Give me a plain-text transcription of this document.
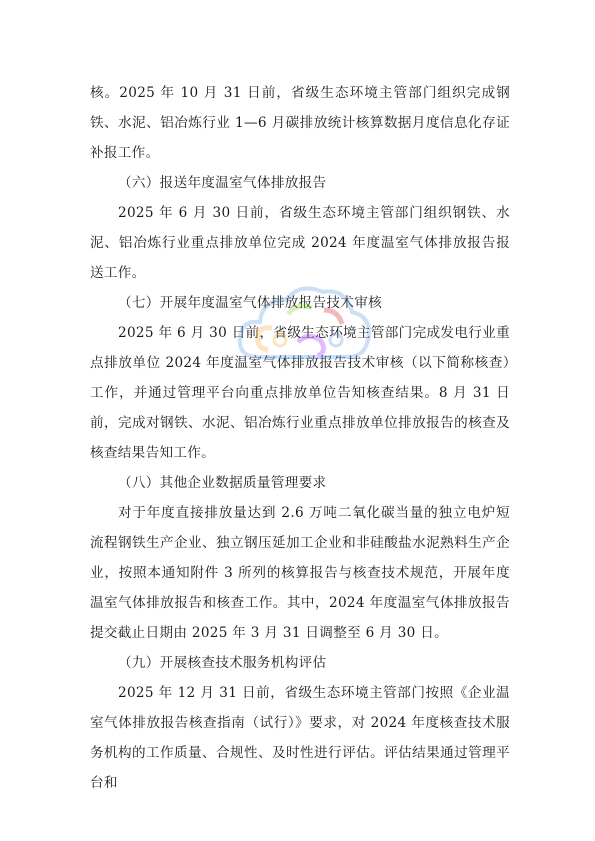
核。2025 年 10 月 31 日前，省级生态环境主管部门组织完成钢铁、水泥、铝冶炼行业 1—6 月碳排放统计核算数据月度信息化存证补报工作。

（六）报送年度温室气体排放报告

2025 年 6 月 30 日前，省级生态环境主管部门组织钢铁、水泥、铝冶炼行业重点排放单位完成 2024 年度温室气体排放报告报送工作。

（七）开展年度温室气体排放报告技术审核

2025 年 6 月 30 日前，省级生态环境主管部门完成发电行业重点排放单位 2024 年度温室气体排放报告技术审核（以下简称核查）工作，并通过管理平台向重点排放单位告知核查结果。8 月 31 日前，完成对钢铁、水泥、铝冶炼行业重点排放单位排放报告的核查及核查结果告知工作。

（八）其他企业数据质量管理要求

对于年度直接排放量达到 2.6 万吨二氧化碳当量的独立电炉短流程钢铁生产企业、独立钢压延加工企业和非硅酸盐水泥熟料生产企业，按照本通知附件 3 所列的核算报告与核查技术规范，开展年度温室气体排放报告和核查工作。其中，2024 年度温室气体排放报告提交截止日期由 2025 年 3 月 31 日调整至 6 月 30 日。

（九）开展核查技术服务机构评估

2025 年 12 月 31 日前，省级生态环境主管部门按照《企业温室气体排放报告核查指南（试行）》要求，对 2024 年度核查技术服务机构的工作质量、合规性、及时性进行评估。评估结果通过管理平台和
